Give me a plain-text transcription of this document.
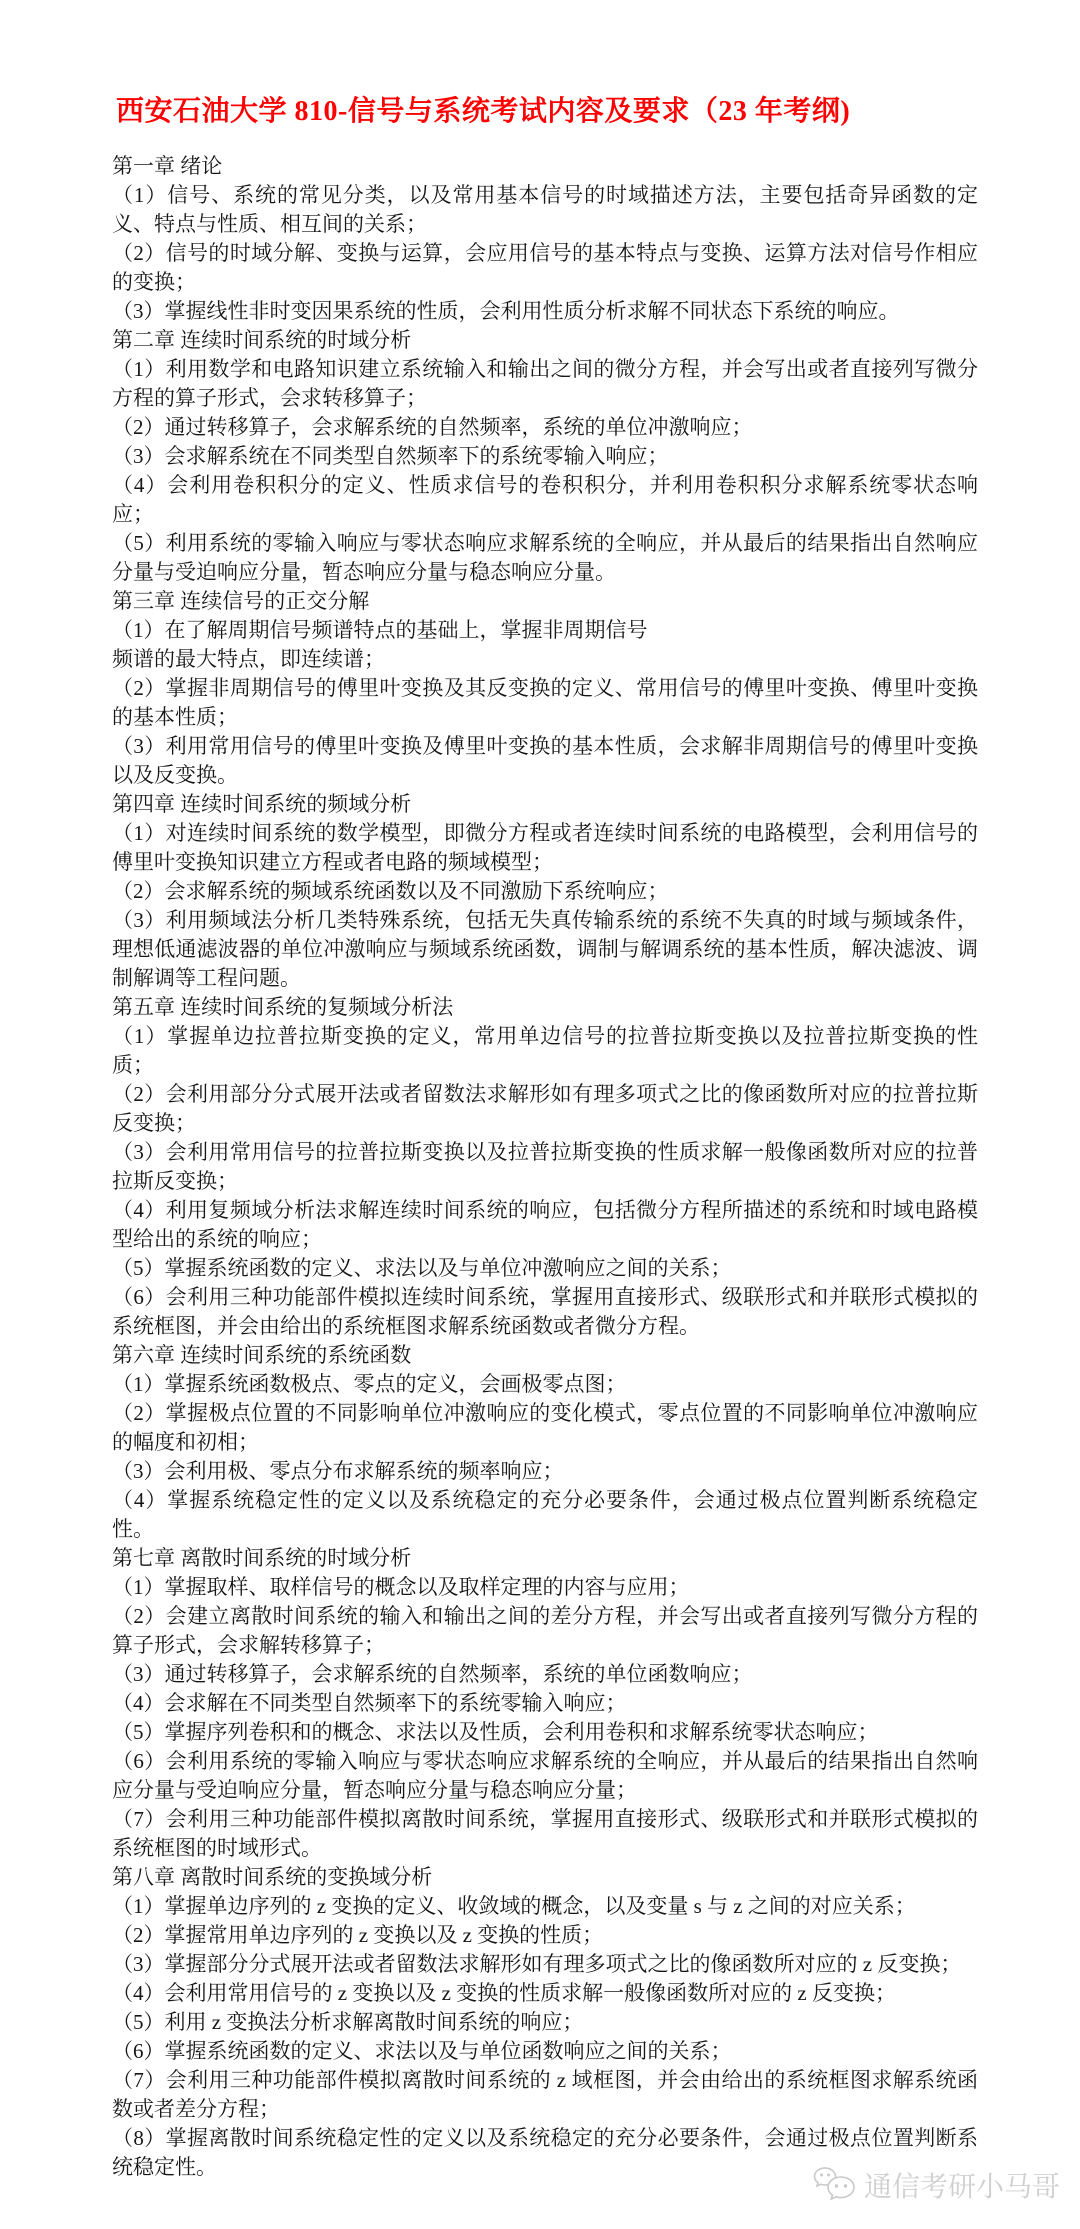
西安石油大学 810-信号与系统考试内容及要求（23 年考纲)
第一章 绪论

（1）信号、系统的常见分类，以及常用基本信号的时域描述方法，主要包括奇异函数的定义、特点与性质、相互间的关系；

（2）信号的时域分解、变换与运算，会应用信号的基本特点与变换、运算方法对信号作相应的变换；

（3）掌握线性非时变因果系统的性质，会利用性质分析求解不同状态下系统的响应。

第二章 连续时间系统的时域分析

（1）利用数学和电路知识建立系统输入和输出之间的微分方程，并会写出或者直接列写微分方程的算子形式，会求转移算子；

（2）通过转移算子，会求解系统的自然频率，系统的单位冲激响应；

（3）会求解系统在不同类型自然频率下的系统零输入响应；

（4）会利用卷积积分的定义、性质求信号的卷积积分，并利用卷积积分求解系统零状态响应；

（5）利用系统的零输入响应与零状态响应求解系统的全响应，并从最后的结果指出自然响应分量与受迫响应分量，暂态响应分量与稳态响应分量。

第三章 连续信号的正交分解

（1）在了解周期信号频谱特点的基础上，掌握非周期信号
频谱的最大特点，即连续谱；

（2）掌握非周期信号的傅里叶变换及其反变换的定义、常用信号的傅里叶变换、傅里叶变换的基本性质；

（3）利用常用信号的傅里叶变换及傅里叶变换的基本性质，会求解非周期信号的傅里叶变换以及反变换。

第四章 连续时间系统的频域分析

（1）对连续时间系统的数学模型，即微分方程或者连续时间系统的电路模型，会利用信号的傅里叶变换知识建立方程或者电路的频域模型；

（2）会求解系统的频域系统函数以及不同激励下系统响应；

（3）利用频域法分析几类特殊系统，包括无失真传输系统的系统不失真的时域与频域条件，理想低通滤波器的单位冲激响应与频域系统函数，调制与解调系统的基本性质，解决滤波、调制解调等工程问题。

第五章 连续时间系统的复频域分析法

（1）掌握单边拉普拉斯变换的定义，常用单边信号的拉普拉斯变换以及拉普拉斯变换的性质；

（2）会利用部分分式展开法或者留数法求解形如有理多项式之比的像函数所对应的拉普拉斯反变换；

（3）会利用常用信号的拉普拉斯变换以及拉普拉斯变换的性质求解一般像函数所对应的拉普拉斯反变换；

（4）利用复频域分析法求解连续时间系统的响应，包括微分方程所描述的系统和时域电路模型给出的系统的响应；

（5）掌握系统函数的定义、求法以及与单位冲激响应之间的关系；

（6）会利用三种功能部件模拟连续时间系统，掌握用直接形式、级联形式和并联形式模拟的系统框图，并会由给出的系统框图求解系统函数或者微分方程。

第六章 连续时间系统的系统函数

（1）掌握系统函数极点、零点的定义，会画极零点图；

（2）掌握极点位置的不同影响单位冲激响应的变化模式，零点位置的不同影响单位冲激响应的幅度和初相；

（3）会利用极、零点分布求解系统的频率响应；

（4）掌握系统稳定性的定义以及系统稳定的充分必要条件，会通过极点位置判断系统稳定性。

第七章 离散时间系统的时域分析

（1）掌握取样、取样信号的概念以及取样定理的内容与应用；

（2）会建立离散时间系统的输入和输出之间的差分方程，并会写出或者直接列写微分方程的算子形式，会求解转移算子；

（3）通过转移算子，会求解系统的自然频率，系统的单位函数响应；

（4）会求解在不同类型自然频率下的系统零输入响应；

（5）掌握序列卷积和的概念、求法以及性质，会利用卷积和求解系统零状态响应；

（6）会利用系统的零输入响应与零状态响应求解系统的全响应，并从最后的结果指出自然响应分量与受迫响应分量，暂态响应分量与稳态响应分量；

（7）会利用三种功能部件模拟离散时间系统，掌握用直接形式、级联形式和并联形式模拟的系统框图的时域形式。

第八章 离散时间系统的变换域分析

（1）掌握单边序列的 z 变换的定义、收敛域的概念，以及变量 s 与 z 之间的对应关系；

（2）掌握常用单边序列的 z 变换以及 z 变换的性质；

（3）掌握部分分式展开法或者留数法求解形如有理多项式之比的像函数所对应的 z 反变换；

（4）会利用常用信号的 z 变换以及 z 变换的性质求解一般像函数所对应的 z 反变换；

（5）利用 z 变换法分析求解离散时间系统的响应；

（6）掌握系统函数的定义、求法以及与单位函数响应之间的关系；

（7）会利用三种功能部件模拟离散时间系统的 z 域框图，并会由给出的系统框图求解系统函数或者差分方程；

（8）掌握离散时间系统稳定性的定义以及系统稳定的充分必要条件，会通过极点位置判断系统稳定性。

通信考研小马哥
